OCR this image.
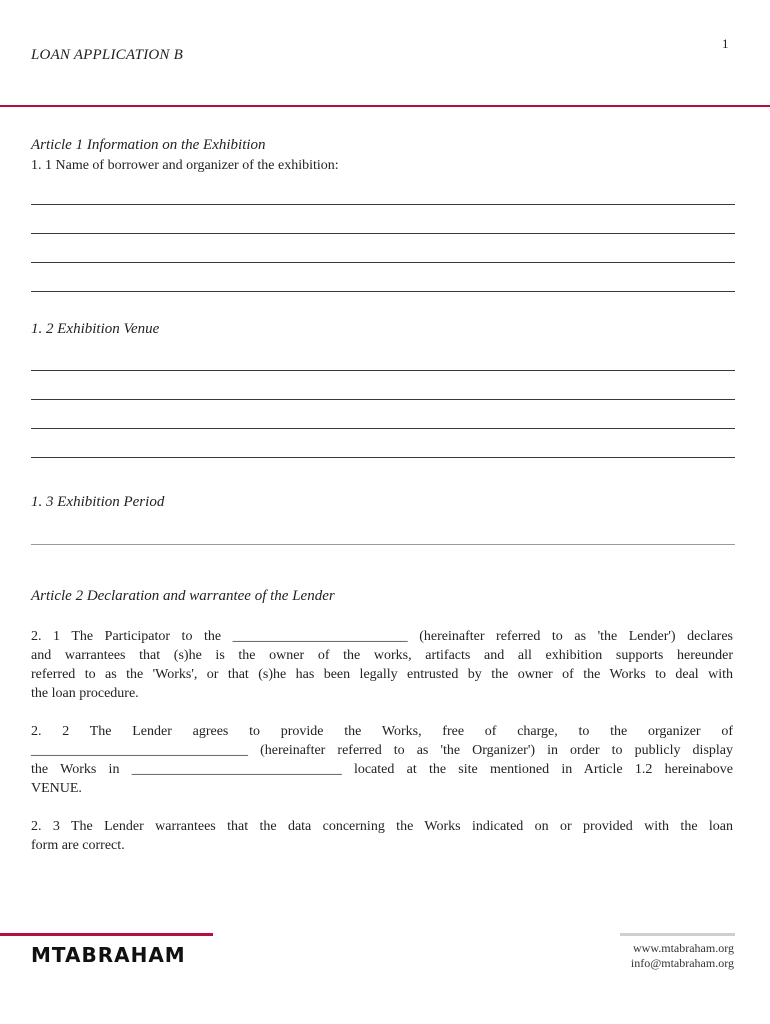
1
LOAN APPLICATION B
Article 1 Information on the Exhibition
1. 1 Name of borrower and organizer of the exhibition:
1. 2 Exhibition Venue
1. 3 Exhibition Period
Article 2 Declaration and warrantee of the Lender
2. 1 The Participator to the _________________________ (hereinafter referred to as 'the Lender') declares
and warrantees that (s)he is the owner of the works, artifacts and all exhibition supports hereunder
referred to as the 'Works', or that (s)he has been legally entrusted by the owner of the Works to deal with
the loan procedure.
2. 2 The Lender agrees to provide the Works, free of charge, to the organizer of
_______________________________ (hereinafter referred to as 'the Organizer') in order to publicly display
the Works in ______________________________ located at the site mentioned in Article 1.2 hereinabove
VENUE.
2. 3 The Lender warrantees that the data concerning the Works indicated on or provided with the loan
form are correct.
MTABRAHAM	www.mtabraham.org
info@mtabraham.org
